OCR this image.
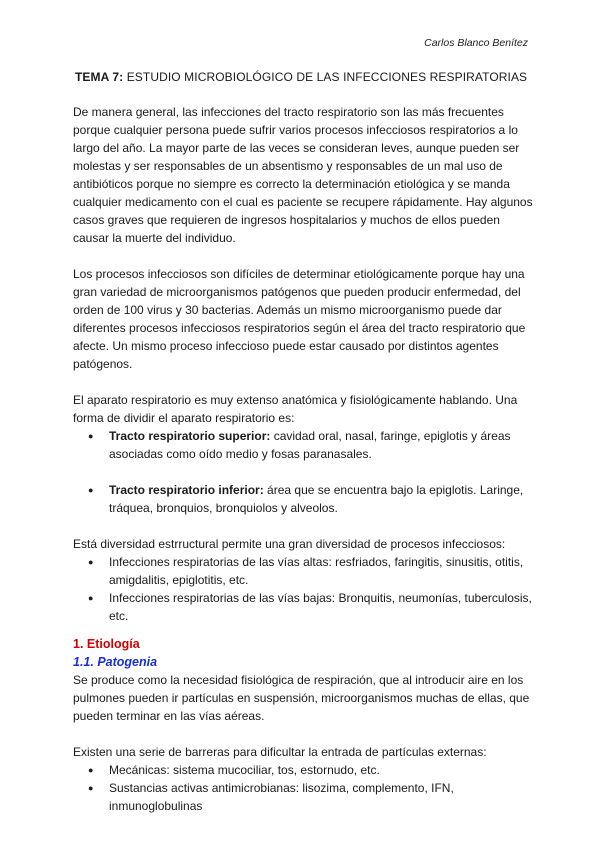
Carlos Blanco Benítez
TEMA 7: ESTUDIO MICROBIOLÓGICO DE LAS INFECCIONES RESPIRATORIAS

De manera general, las infecciones del tracto respiratorio son las más frecuentes porque cualquier persona puede sufrir varios procesos infecciosos respiratorios a lo largo del año. La mayor parte de las veces se consideran leves, aunque pueden ser molestas y ser responsables de un absentismo y responsables de un mal uso de antibióticos porque no siempre es correcto la determinación etiológica y se manda cualquier medicamento con el cual es paciente se recupere rápidamente. Hay algunos casos graves que requieren de ingresos hospitalarios y muchos de ellos pueden causar la muerte del individuo.

Los procesos infecciosos son difíciles de determinar etiológicamente porque hay una gran variedad de microorganismos patógenos que pueden producir enfermedad, del orden de 100 virus y 30 bacterias. Además un mismo microorganismo puede dar diferentes procesos infecciosos respiratorios según el área del tracto respiratorio que afecte. Un mismo proceso infeccioso puede estar causado por distintos agentes patógenos.

El aparato respiratorio es muy extenso anatómica y fisiológicamente hablando. Una forma de dividir el aparato respiratorio es:

● Tracto respiratorio superior: cavidad oral, nasal, faringe, epiglotis y áreas asociadas como oído medio y fosas paranasales.
● Tracto respiratorio inferior: área que se encuentra bajo la epiglotis. Laringe, tráquea, bronquios, bronquiolos y alveolos.

Está diversidad estrructural permite una gran diversidad de procesos infecciosos:

● Infecciones respiratorias de las vías altas: resfriados, faringitis, sinusitis, otitis, amigdalitis, epiglotitis, etc.
● Infecciones respiratorias de las vías bajas: Bronquitis, neumonías, tuberculosis, etc.
1. Etiología
1.1. Patogenia

Se produce como la necesidad fisiológica de respiración, que al introducir aire en los pulmones pueden ir partículas en suspensión, microorganismos muchas de ellas, que pueden terminar en las vías aéreas.

Existen una serie de barreras para dificultar la entrada de partículas externas:

● Mecánicas: sistema mucociliar, tos, estornudo, etc.
● Sustancias activas antimicrobianas: lisozima, complemento, IFN, inmunoglobulinas
